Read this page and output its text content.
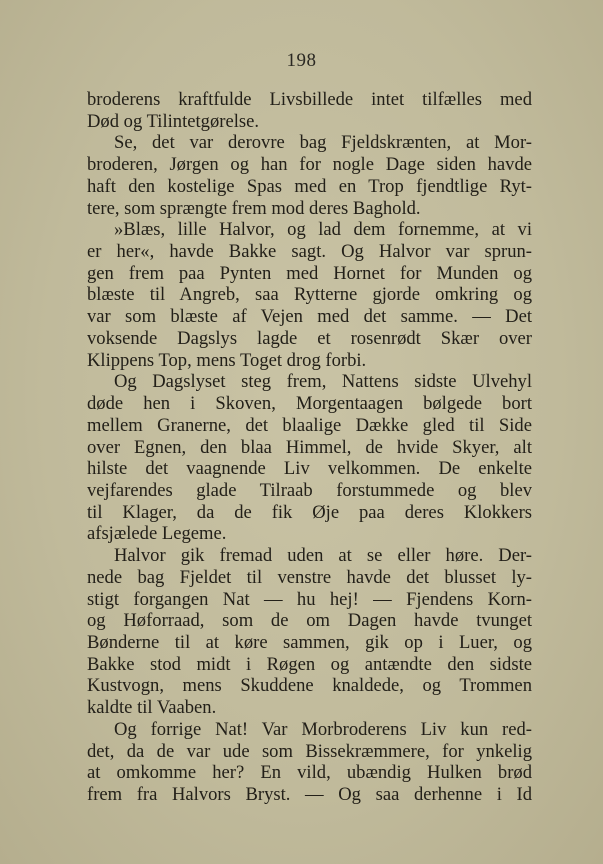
198
broderens kraftfulde Livsbillede intet tilfælles med
Død og Tilintetgørelse.
Se, det var derovre bag Fjeldskrænten, at Mor-
broderen, Jørgen og han for nogle Dage siden havde
haft den kostelige Spas med en Trop fjendtlige Ryt-
tere, som sprængte frem mod deres Baghold.
»Blæs, lille Halvor, og lad dem fornemme, at vi
er her«, havde Bakke sagt. Og Halvor var sprun-
gen frem paa Pynten med Hornet for Munden og
blæste til Angreb, saa Rytterne gjorde omkring og
var som blæste af Vejen med det samme. — Det
voksende Dagslys lagde et rosenrødt Skær over
Klippens Top, mens Toget drog forbi.
Og Dagslyset steg frem, Nattens sidste Ulvehyl
døde hen i Skoven, Morgentaagen bølgede bort
mellem Granerne, det blaalige Dække gled til Side
over Egnen, den blaa Himmel, de hvide Skyer, alt
hilste det vaagnende Liv velkommen. De enkelte
vejfarendes glade Tilraab forstummede og blev
til Klager, da de fik Øje paa deres Klokkers
afsjælede Legeme.
Halvor gik fremad uden at se eller høre. Der-
nede bag Fjeldet til venstre havde det blusset ly-
stigt forgangen Nat — hu hej! — Fjendens Korn-
og Høforraad, som de om Dagen havde tvunget
Bønderne til at køre sammen, gik op i Luer, og
Bakke stod midt i Røgen og antændte den sidste
Kustvogn, mens Skuddene knaldede, og Trommen
kaldte til Vaaben.
Og forrige Nat! Var Morbroderens Liv kun red-
det, da de var ude som Bissekræmmere, for ynkelig
at omkomme her? En vild, ubændig Hulken brød
frem fra Halvors Bryst. — Og saa derhenne i Id
